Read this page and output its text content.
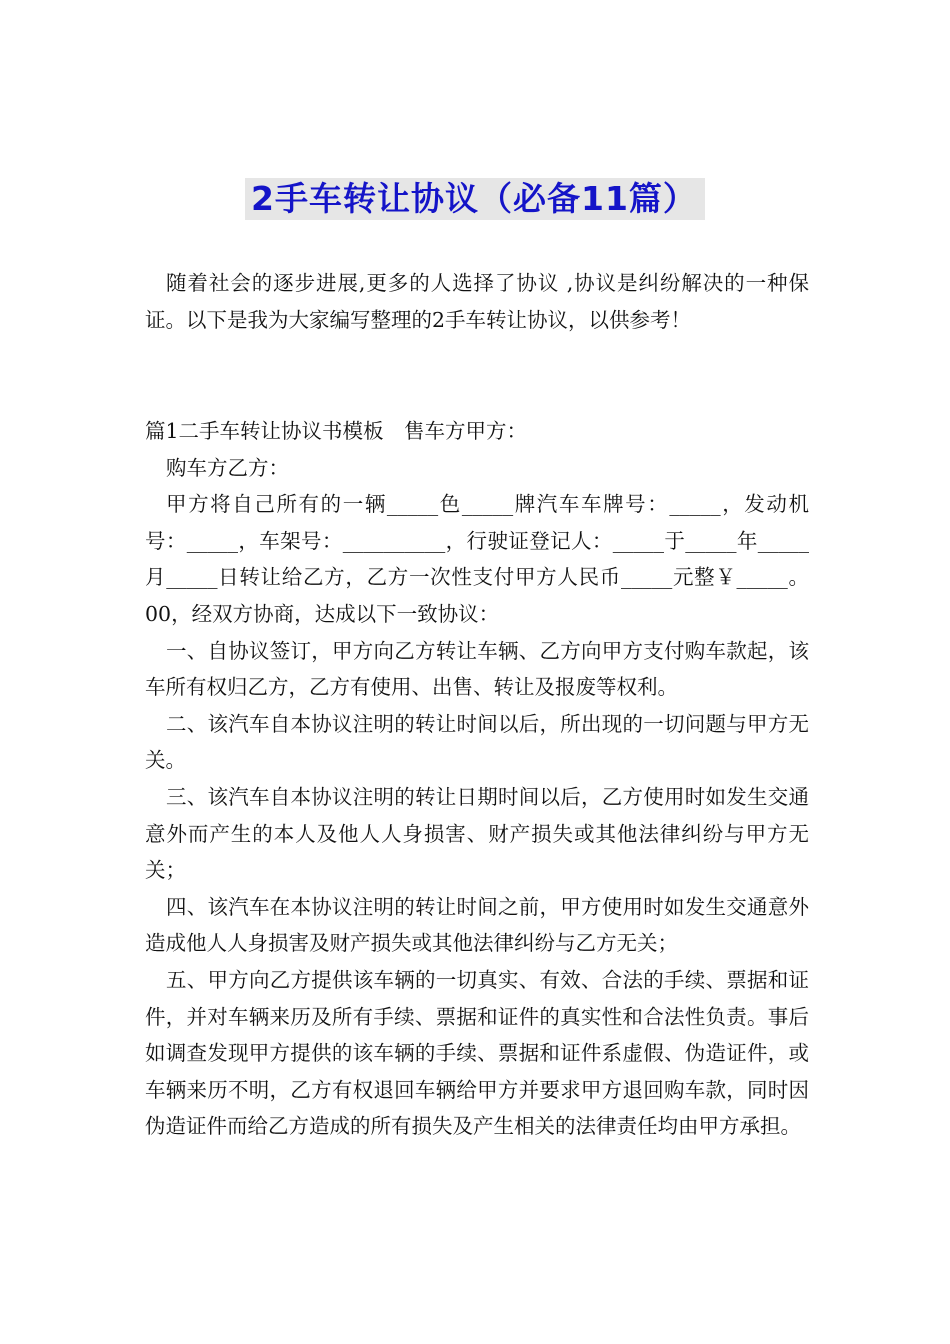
2手车转让协议（必备11篇）

随着社会的逐步进展,更多的人选择了协议 ,协议是纠纷解决的一种保证。以下是我为大家编写整理的2手车转让协议，以供参考！

篇1二手车转让协议书模板　售车方甲方：

购车方乙方：

甲方将自己所有的一辆_____色_____牌汽车车牌号：_____，发动机号：_____，车架号：__________，行驶证登记人：_____于_____年_____月_____日转让给乙方，乙方一次性支付甲方人民币_____元整￥_____。00，经双方协商，达成以下一致协议：

一、自协议签订，甲方向乙方转让车辆、乙方向甲方支付购车款起，该车所有权归乙方，乙方有使用、出售、转让及报废等权利。

二、该汽车自本协议注明的转让时间以后，所出现的一切问题与甲方无关。

三、该汽车自本协议注明的转让日期时间以后，乙方使用时如发生交通意外而产生的本人及他人人身损害、财产损失或其他法律纠纷与甲方无关；

四、该汽车在本协议注明的转让时间之前，甲方使用时如发生交通意外造成他人人身损害及财产损失或其他法律纠纷与乙方无关；

五、甲方向乙方提供该车辆的一切真实、有效、合法的手续、票据和证件，并对车辆来历及所有手续、票据和证件的真实性和合法性负责。事后如调查发现甲方提供的该车辆的手续、票据和证件系虚假、伪造证件，或车辆来历不明，乙方有权退回车辆给甲方并要求甲方退回购车款，同时因伪造证件而给乙方造成的所有损失及产生相关的法律责任均由甲方承担。
